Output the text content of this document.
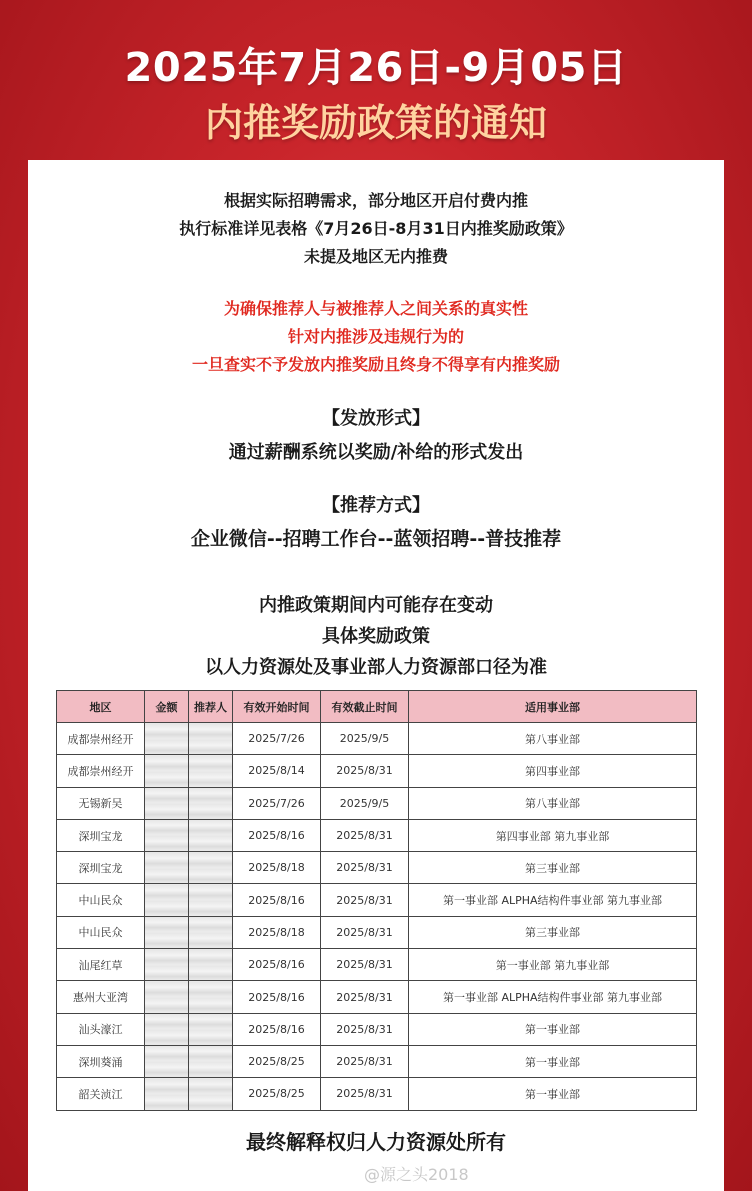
2025年7月26日-9月05日
内推奖励政策的通知
根据实际招聘需求，部分地区开启付费内推
执行标准详见表格《7月26日-8月31日内推奖励政策》
未提及地区无内推费
为确保推荐人与被推荐人之间关系的真实性
针对内推涉及违规行为的
一旦查实不予发放内推奖励且终身不得享有内推奖励
【发放形式】
通过薪酬系统以奖励/补给的形式发出
【推荐方式】
企业微信--招聘工作台--蓝领招聘--普技推荐
内推政策期间内可能存在变动
具体奖励政策
以人力资源处及事业部人力资源部口径为准
地区	金额	推荐人	有效开始时间	有效截止时间	适用事业部
成都崇州经开			2025/7/26	2025/9/5	第八事业部
成都崇州经开			2025/8/14	2025/8/31	第四事业部
无锡新吴			2025/7/26	2025/9/5	第八事业部
深圳宝龙			2025/8/16	2025/8/31	第四事业部 第九事业部
深圳宝龙			2025/8/18	2025/8/31	第三事业部
中山民众			2025/8/16	2025/8/31	第一事业部 ALPHA结构件事业部 第九事业部
中山民众			2025/8/18	2025/8/31	第三事业部
汕尾红草			2025/8/16	2025/8/31	第一事业部 第九事业部
惠州大亚湾			2025/8/16	2025/8/31	第一事业部 ALPHA结构件事业部 第九事业部
汕头濠江			2025/8/16	2025/8/31	第一事业部
深圳葵涌			2025/8/25	2025/8/31	第一事业部
韶关浈江			2025/8/25	2025/8/31	第一事业部
最终解释权归人力资源处所有
@源之头2018
